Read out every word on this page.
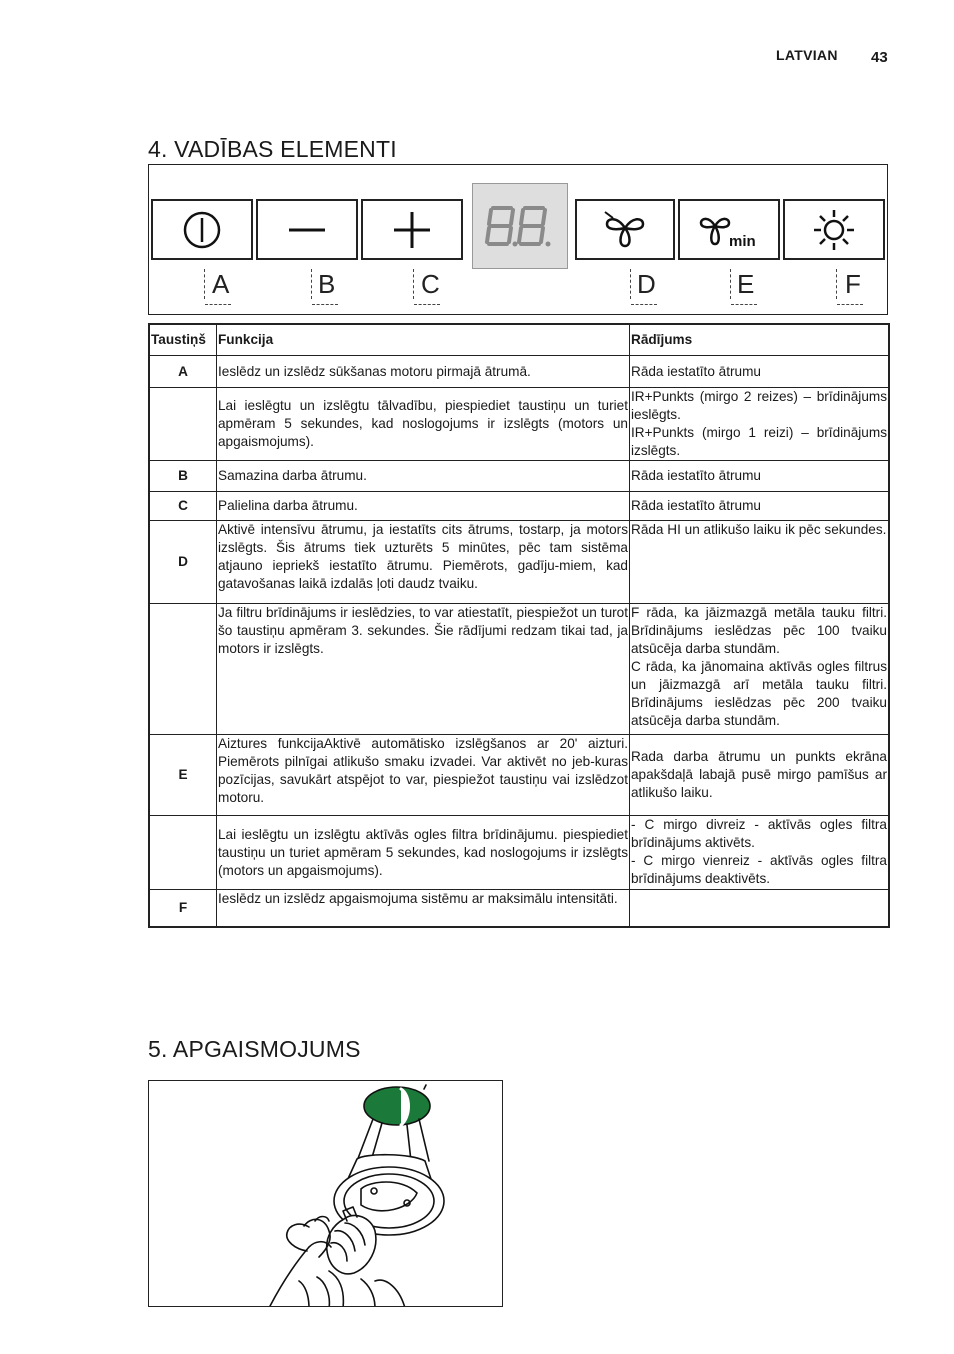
LATVIAN 43
4. VADĪBAS ELEMENTI
min
A	B	C	D	E	F
Taustiņš	Funkcija	Rādījums
A	Ieslēdz un izslēdz sūkšanas motoru pirmajā ātrumā.	Rāda iestatīto ātrumu
	Lai ieslēgtu un izslēgtu tālvadību, piespiediet taustiņu un turiet apmēram 5 sekundes, kad noslogojums ir izslēgts (motors un apgaismojums).	IR+Punkts (mirgo 2 reizes) – brīdinājums ieslēgts.
IR+Punkts (mirgo 1 reizi) – brīdinājums izslēgts.
B	Samazina darba ātrumu.	Rāda iestatīto ātrumu
C	Palielina darba ātrumu.	Rāda iestatīto ātrumu
D	Aktivē intensīvu ātrumu, ja iestatīts cits ātrums, tostarp, ja motors izslēgts. Šis ātrums tiek uzturēts 5 minūtes, pēc tam sistēma atjauno iepriekš iestatīto ātrumu. Piemērots, gadīju-miem, kad gatavošanas laikā izdalās ļoti daudz tvaiku.	Rāda HI un atlikušo laiku ik pēc sekundes.
	Ja filtru brīdinājums ir ieslēdzies, to var atiestatīt, piespiežot un turot šo taustiņu apmēram 3. sekundes. Šie rādījumi redzam tikai tad, ja motors ir izslēgts.	F rāda, ka jāizmazgā metāla tauku filtri. Brīdinājums ieslēdzas pēc 100 tvaiku atsūcēja darba stundām.
C rāda, ka jānomaina aktīvās ogles filtrus un jāizmazgā arī metāla tauku filtri. Brīdinājums ieslēdzas pēc 200 tvaiku atsūcēja darba stundām.
E	Aiztures funkcijaAktivē automātisko izslēgšanos ar 20' aizturi. Piemērots pilnīgai atlikušo smaku izvadei. Var aktivēt no jeb-kuras pozīcijas, savukārt atspējot to var, piespiežot taustiņu vai izslēdzot motoru.	Rada darba ātrumu un punkts ekrāna apakšdaļā labajā pusē mirgo pamīšus ar atlikušo laiku.
	Lai ieslēgtu un izslēgtu aktīvās ogles filtra brīdinājumu. piespiediet taustiņu un turiet apmēram 5 sekundes, kad noslogojums ir izslēgts (motors un apgaismojums).	- C mirgo divreiz - aktīvās ogles filtra brīdinājums aktivēts.
- C mirgo vienreiz - aktīvās ogles filtra brīdinājums deaktivēts.
F	Ieslēdz un izslēdz apgaismojuma sistēmu ar maksimālu intensitāti.	
5. APGAISMOJUMS
